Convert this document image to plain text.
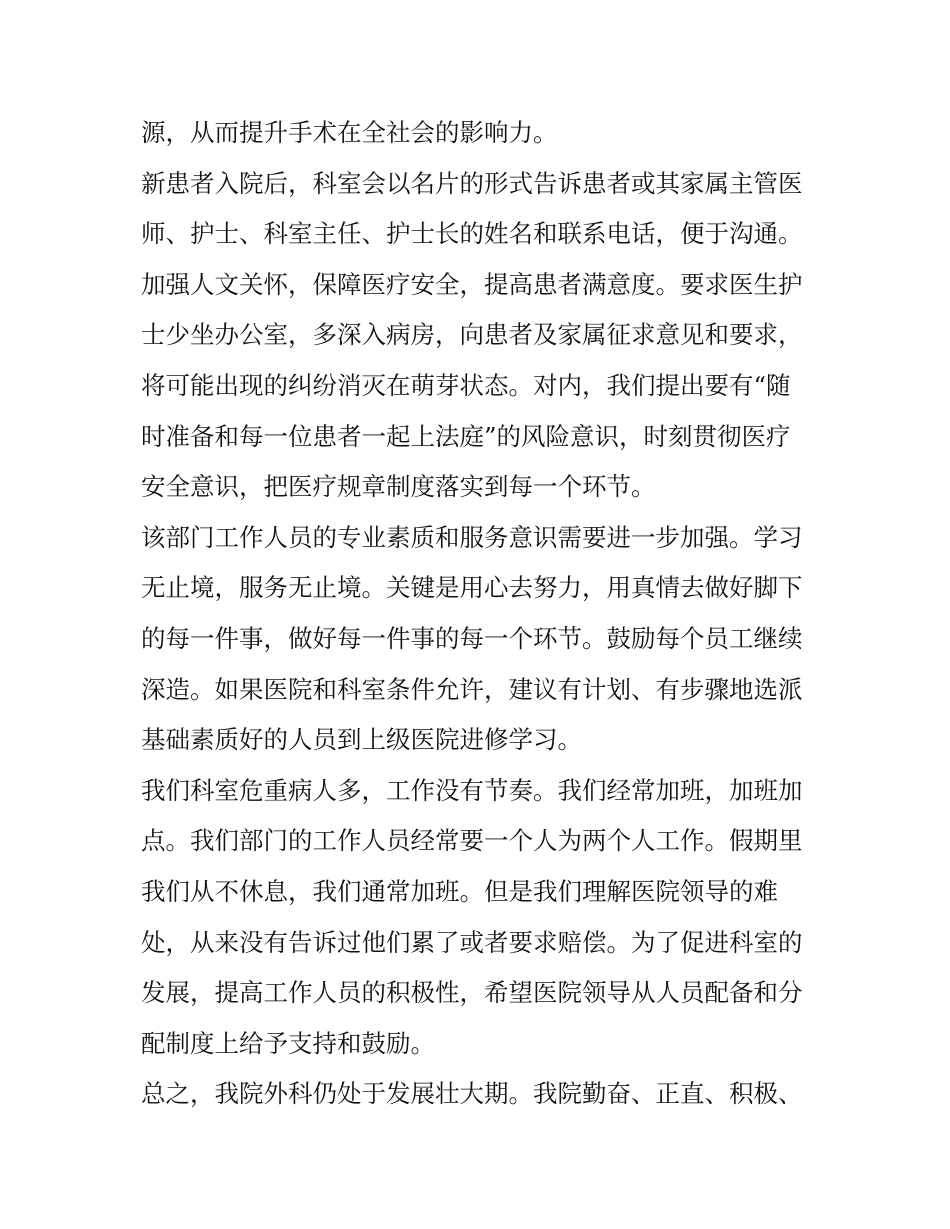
源，从而提升手术在全社会的影响力。

新患者入院后，科室会以名片的形式告诉患者或其家属主管医

师、护士、科室主任、护士长的姓名和联系电话，便于沟通。

加强人文关怀，保障医疗安全，提高患者满意度。要求医生护

士少坐办公室，多深入病房，向患者及家属征求意见和要求，

将可能出现的纠纷消灭在萌芽状态。对内，我们提出要有“随

时准备和每一位患者一起上法庭”的风险意识，时刻贯彻医疗

安全意识，把医疗规章制度落实到每一个环节。

该部门工作人员的专业素质和服务意识需要进一步加强。学习

无止境，服务无止境。关键是用心去努力，用真情去做好脚下

的每一件事，做好每一件事的每一个环节。鼓励每个员工继续

深造。如果医院和科室条件允许，建议有计划、有步骤地选派

基础素质好的人员到上级医院进修学习。

我们科室危重病人多，工作没有节奏。我们经常加班，加班加

点。我们部门的工作人员经常要一个人为两个人工作。假期里

我们从不休息，我们通常加班。但是我们理解医院领导的难

处，从来没有告诉过他们累了或者要求赔偿。为了促进科室的

发展，提高工作人员的积极性，希望医院领导从人员配备和分

配制度上给予支持和鼓励。

总之，我院外科仍处于发展壮大期。我院勤奋、正直、积极、
